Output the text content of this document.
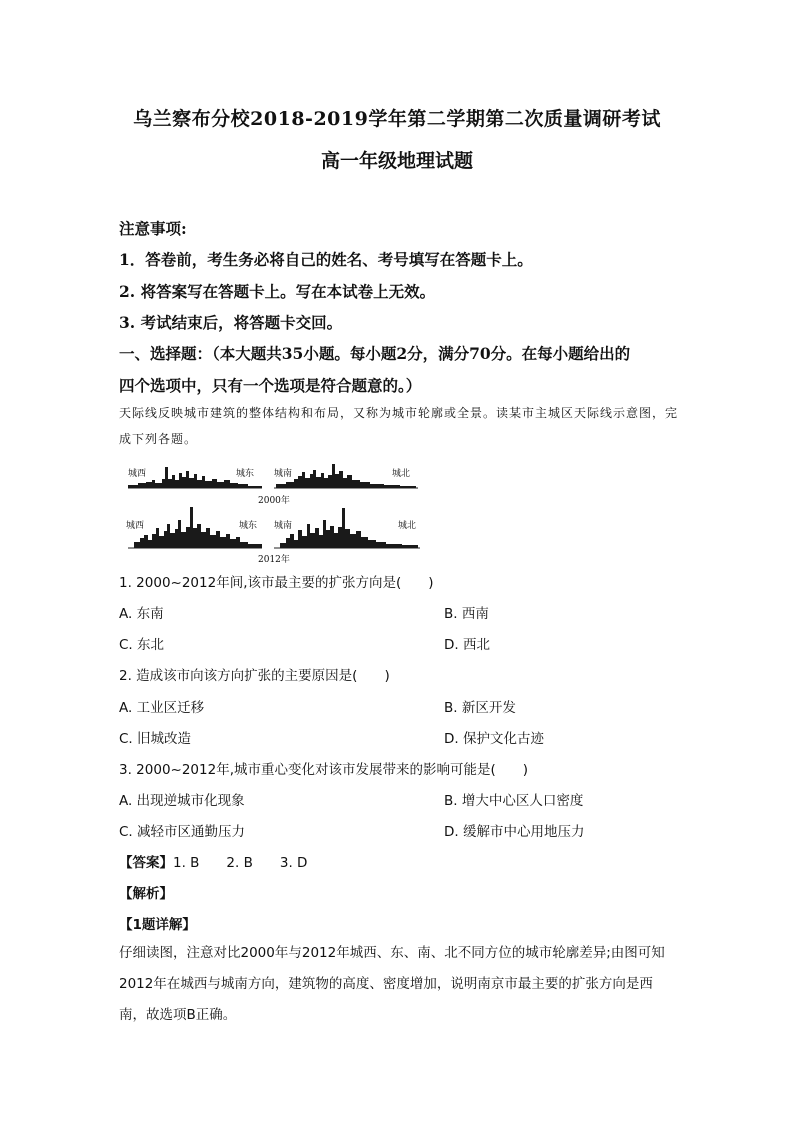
乌兰察布分校2018-2019学年第二学期第二次质量调研考试
高一年级地理试题
注意事项:
1．答卷前，考生务必将自己的姓名、考号填写在答题卡上。
2. 将答案写在答题卡上。写在本试卷上无效。
3. 考试结束后，将答题卡交回。
一、选择题：（本大题共35小题。每小题2分，满分70分。在每小题给出的
四个选项中，只有一个选项是符合题意的。）
天际线反映城市建筑的整体结构和布局，又称为城市轮廓或全景。读某市主城区天际线示意图，完成下列各题。
城西	城东 城南	城北
2000年
城西	城东 城南	城北
2012年
1. 2000~2012年间,该市最主要的扩张方向是(　　)
A. 东南	B. 西南
C. 东北	D. 西北
2. 造成该市向该方向扩张的主要原因是(　　)
A. 工业区迁移	B. 新区开发
C. 旧城改造	D. 保护文化古迹
3. 2000~2012年,城市重心变化对该市发展带来的影响可能是(　　)
A. 出现逆城市化现象	B. 增大中心区人口密度
C. 减轻市区通勤压力	D. 缓解市中心用地压力
【答案】1. B　　2. B　　3. D
【解析】
【1题详解】
仔细读图，注意对比2000年与2012年城西、东、南、北不同方位的城市轮廓差异;由图可知2012年在城西与城南方向，建筑物的高度、密度增加，说明南京市最主要的扩张方向是西南，故选项B正确。
